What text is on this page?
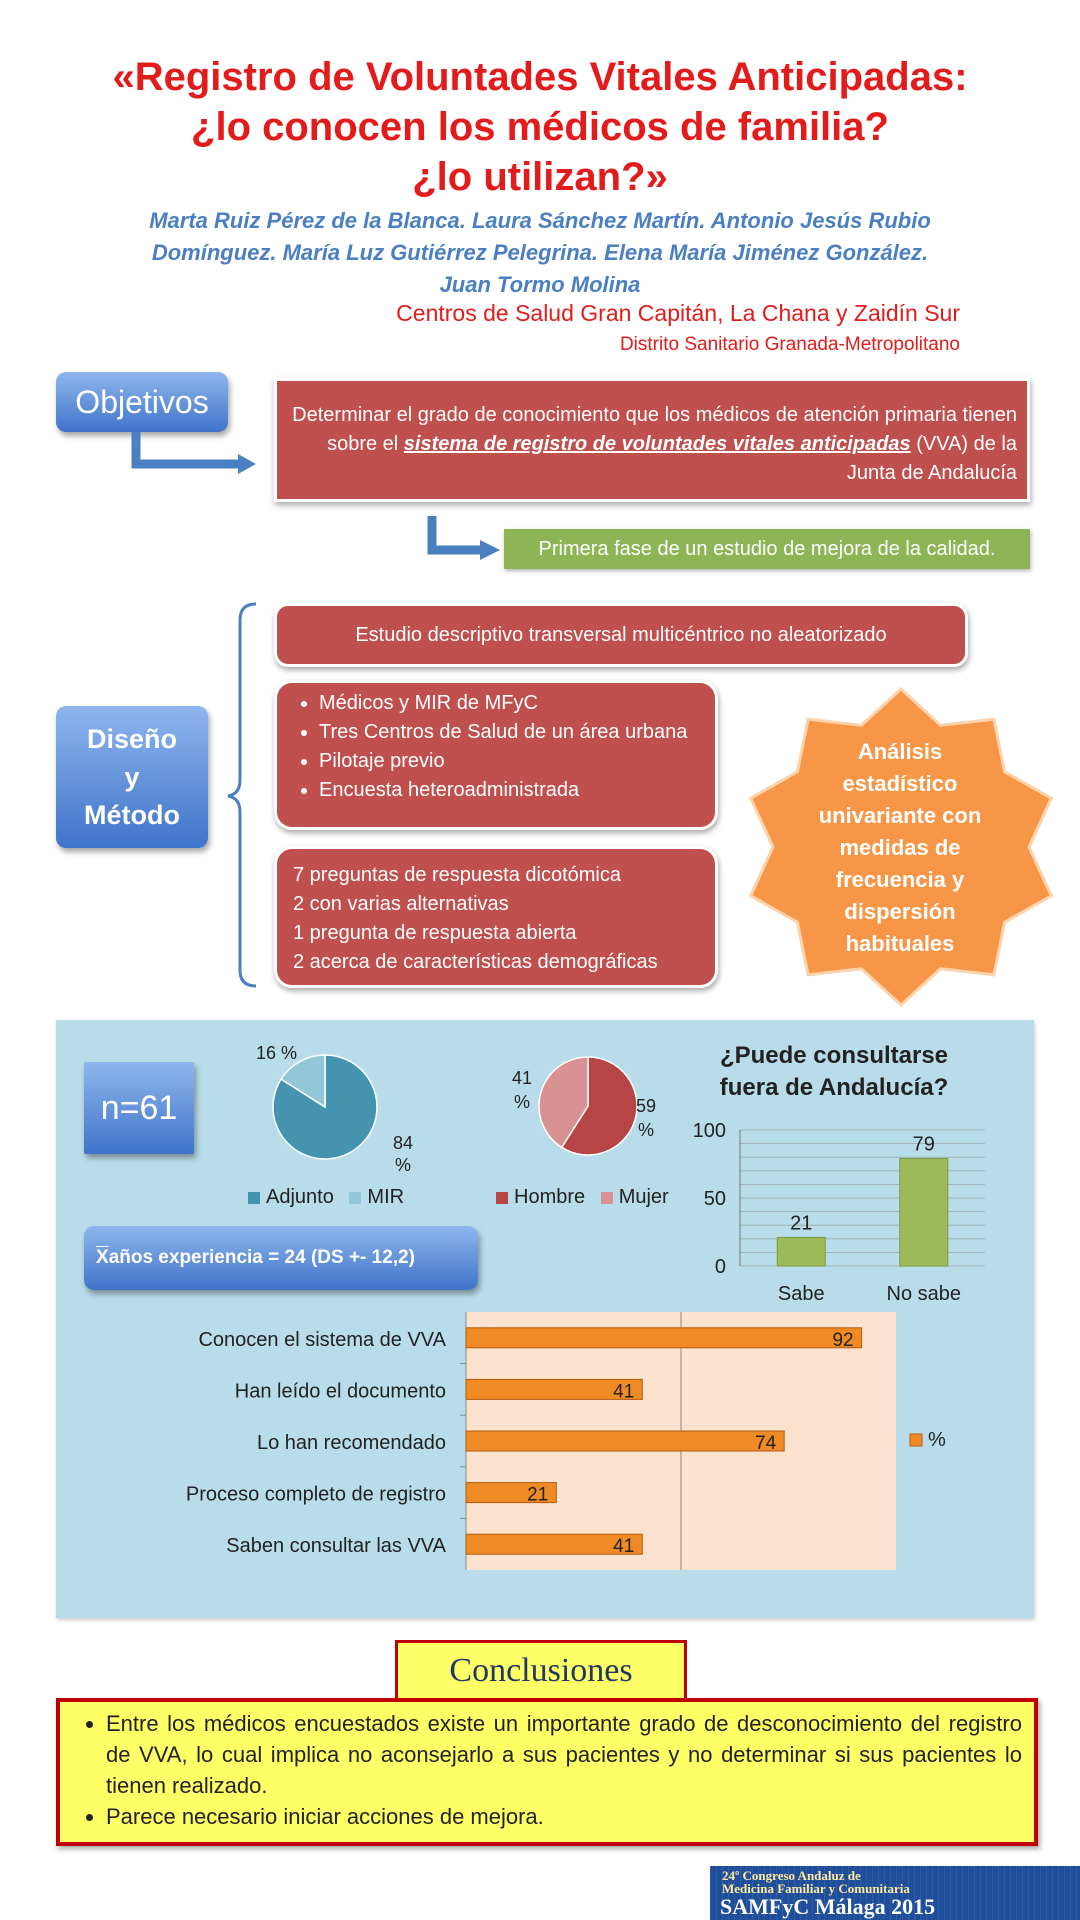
«Registro de Voluntades Vitales Anticipadas:
¿lo conocen los médicos de familia?
¿lo utilizan?»
Marta Ruiz Pérez de la Blanca. Laura Sánchez Martín. Antonio Jesús Rubio
Domínguez. María Luz Gutiérrez Pelegrina. Elena María Jiménez González.
Juan Tormo Molina
Centros de Salud Gran Capitán, La Chana y Zaidín Sur
Distrito Sanitario Granada-Metropolitano
Objetivos	Determinar el grado de conocimiento que los médicos de atención primaria tienen sobre el sistema de registro de voluntades vitales anticipadas (VVA) de la Junta de Andalucía
Primera fase de un estudio de mejora de la calidad.
Diseño
y
Método
Estudio descriptivo transversal multicéntrico no aleatorizado
• Médicos y MIR de MFyC
• Tres Centros de Salud de un área urbana
• Pilotaje previo
• Encuesta heteroadministrada
7 preguntas de respuesta dicotómica
2 con varias alternativas
1 pregunta de respuesta abierta
2 acerca de características demográficas
Análisis estadístico univariante con medidas de frecuencia y dispersión habituales
n=61
$\overline{X}$ años experiencia = 24 (DS +- 12,2)
16 %
84 %
Adjunto MIR
41 %	59 %
Hombre Mujer
¿Puede consultarse fuera de Andalucía?
0
50
100
21
Sabe
79
No sabe
92
Conocen el sistema de VVA
41
Han leído el documento
74
Lo han recomendado
21
Proceso completo de registro
41
Saben consultar las VVA
%
Conclusiones
• Entre los médicos encuestados existe un importante grado de desconocimiento del registro de VVA, lo cual implica no aconsejarlo a sus pacientes y no determinar si sus pacientes lo tienen realizado.
• Parece necesario iniciar acciones de mejora.
24º Congreso Andaluz de
Medicina Familiar y Comunitaria
SAMFyC Málaga 2015
